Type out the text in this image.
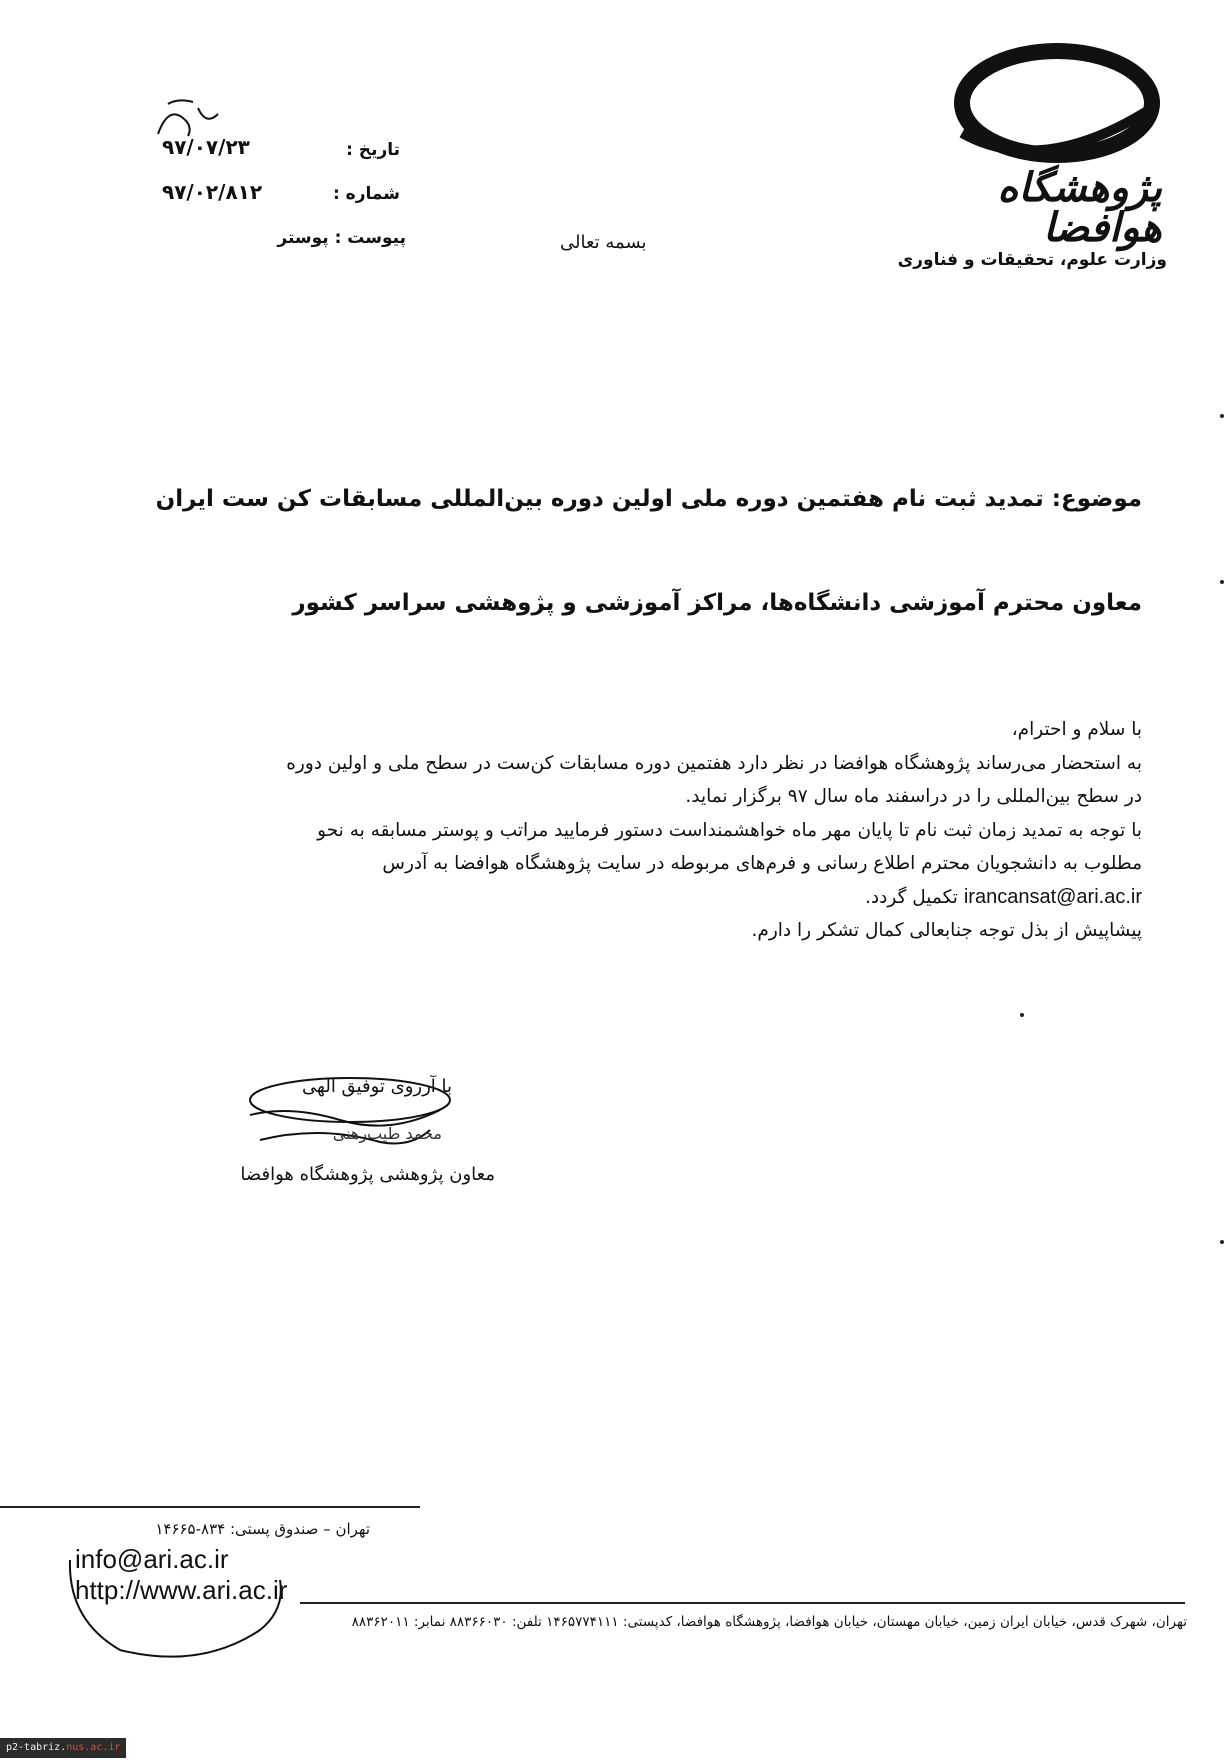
پژوهشگاه هوافضا
وزارت علوم، تحقیقات و فناوری
تاریخ :
۹۷/۰۷/۲۳
شماره :
۹۷/۰۲/۸۱۲
پیوست : پوستر	بسمه تعالی
موضوع: تمدید ثبت نام هفتمین دوره ملی اولین دوره بین‌المللی مسابقات کن ست ایران
معاون محترم آموزشی دانشگاه‌ها، مراکز آموزشی و پژوهشی سراسر کشور

با سلام و احترام،

به استحضار می‌رساند پژوهشگاه هوافضا در نظر دارد هفتمین دوره مسابقات کن‌ست در سطح ملی و اولین دوره

در سطح بین‌المللی را در دراسفند ماه سال ۹۷ برگزار نماید.

با توجه به تمدید زمان ثبت نام تا پایان مهر ماه خواهشمنداست دستور فرمایید مراتب و پوستر مسابقه به نحو

مطلوب به دانشجویان محترم اطلاع رسانی و فرم‌های مربوطه در سایت پژوهشگاه هوافضا به آدرس

irancansat@ari.ac.ir تکمیل گردد.

پیشاپیش از بذل توجه جنابعالی کمال تشکر را دارم.

با آرزوی توفیق الهی
محمد طیب‌رهنی
معاون پژوهشی پژوهشگاه هوافضا
تهران – صندوق پستی: ۸۳۴-۱۴۶۶۵
info@ari.ac.ir
http://www.ari.ac.ir
تهران، شهرک قدس، خیابان ایران زمین، خیابان مهستان، خیابان هوافضا، پژوهشگاه هوافضا، کدپستی: ۱۴۶۵۷۷۴۱۱۱ تلفن: ۸۸۳۶۶۰۳۰ نمابر: ۸۸۳۶۲۰۱۱
p2-tabriz.nus.ac.ir
